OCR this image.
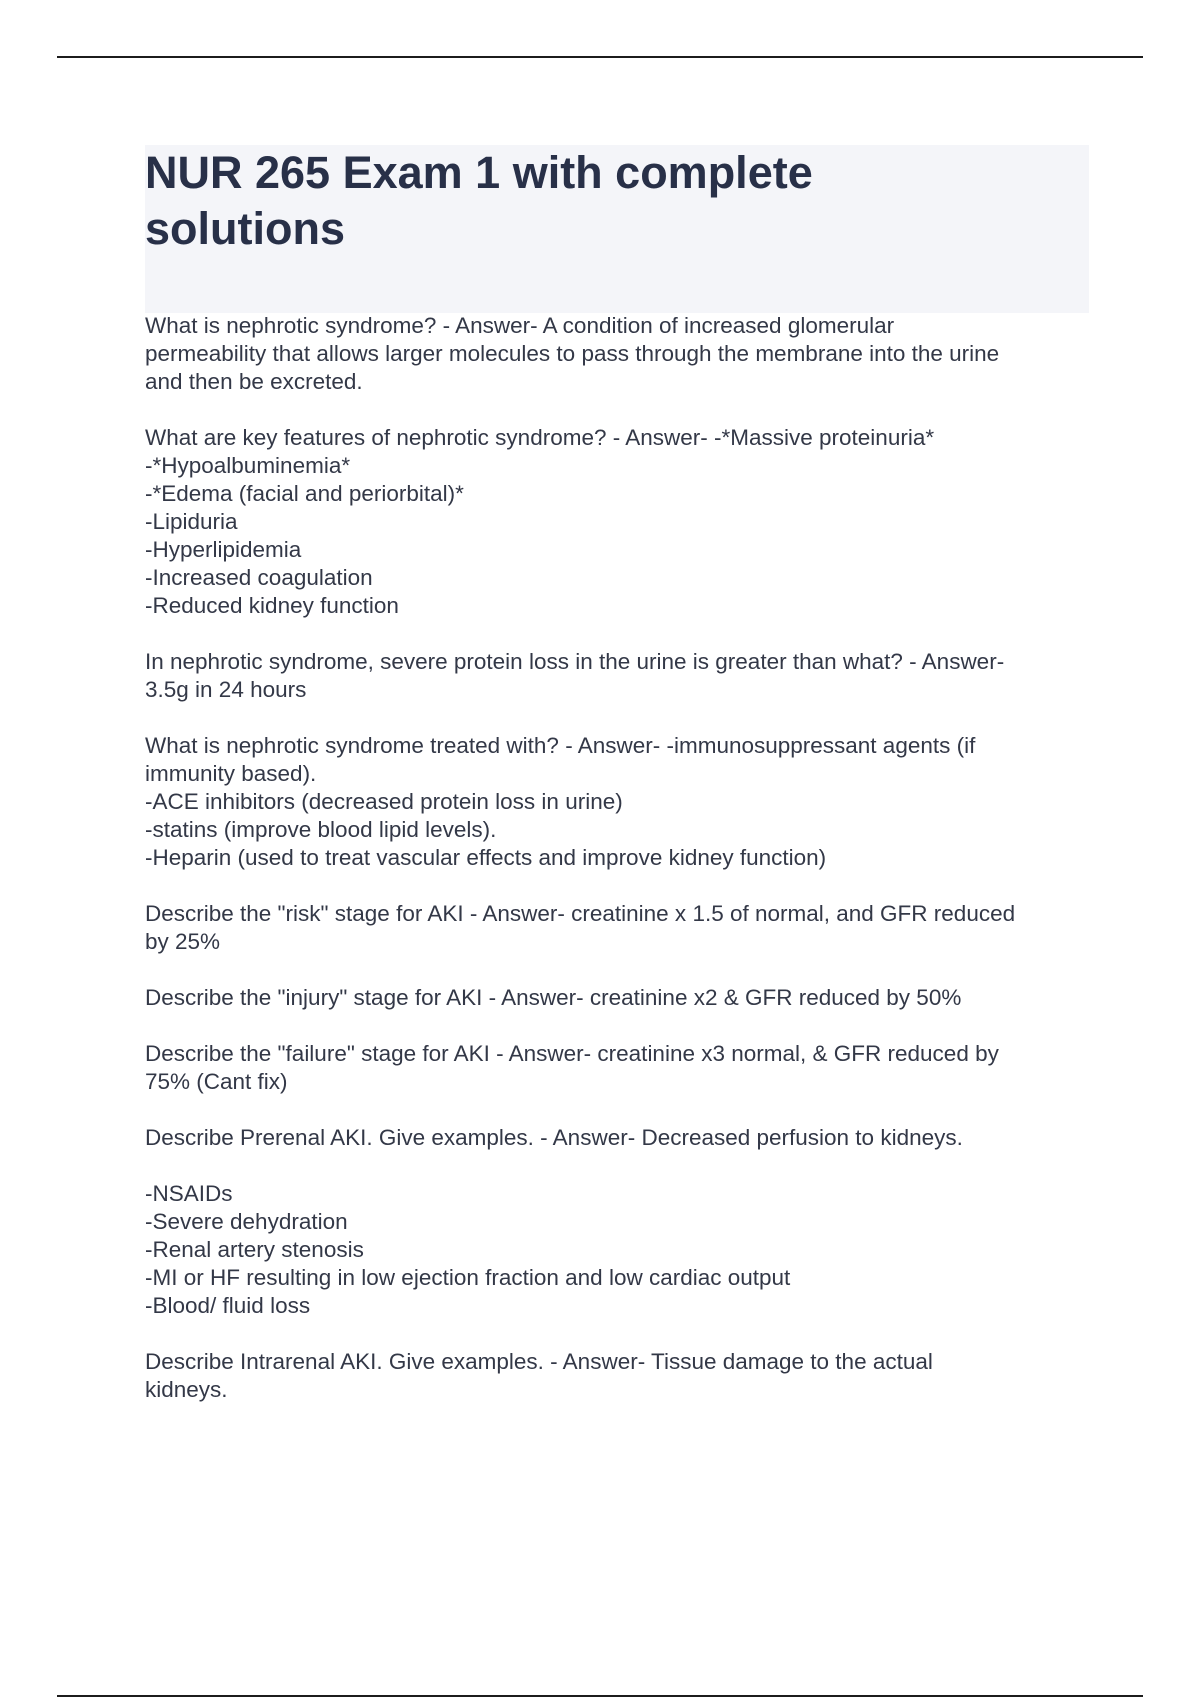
NUR 265 Exam 1 with complete
solutions
What is nephrotic syndrome? - Answer- A condition of increased glomerular
permeability that allows larger molecules to pass through the membrane into the urine
and then be excreted.
What are key features of nephrotic syndrome? - Answer- -*Massive proteinuria*
-*Hypoalbuminemia*
-*Edema (facial and periorbital)*
-Lipiduria
-Hyperlipidemia
-Increased coagulation
-Reduced kidney function
In nephrotic syndrome, severe protein loss in the urine is greater than what? - Answer-
3.5g in 24 hours
What is nephrotic syndrome treated with? - Answer- -immunosuppressant agents (if
immunity based).
-ACE inhibitors (decreased protein loss in urine)
-statins (improve blood lipid levels).
-Heparin (used to treat vascular effects and improve kidney function)
Describe the "risk" stage for AKI - Answer- creatinine x 1.5 of normal, and GFR reduced
by 25%
Describe the "injury" stage for AKI - Answer- creatinine x2 & GFR reduced by 50%
Describe the "failure" stage for AKI - Answer- creatinine x3 normal, & GFR reduced by
75% (Cant fix)
Describe Prerenal AKI. Give examples. - Answer- Decreased perfusion to kidneys.
-NSAIDs
-Severe dehydration
-Renal artery stenosis
-MI or HF resulting in low ejection fraction and low cardiac output
-Blood/ fluid loss
Describe Intrarenal AKI. Give examples. - Answer- Tissue damage to the actual
kidneys.
